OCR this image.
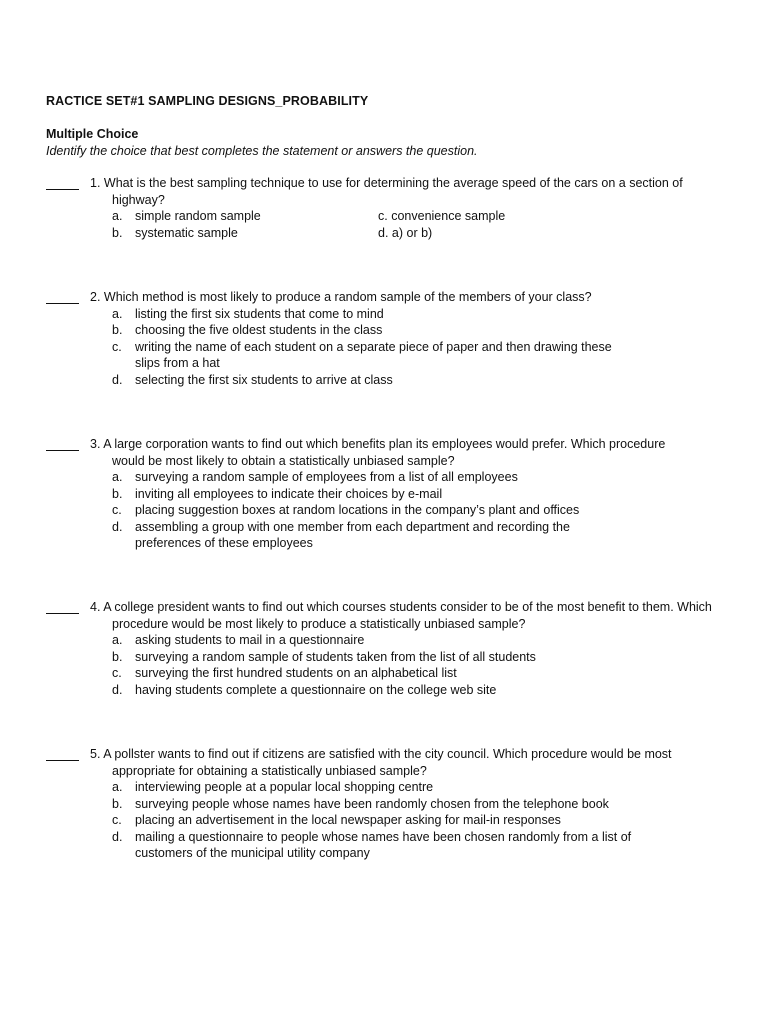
RACTICE SET#1 SAMPLING DESIGNS_PROBABILITY
Multiple Choice
Identify the choice that best completes the statement or answers the question.
1. What is the best sampling technique to use for determining the average speed of the cars on a section of highway?
a. simple random sample
b. systematic sample
c. convenience sample
d. a) or b)
2. Which method is most likely to produce a random sample of the members of your class?
a. listing the first six students that come to mind
b. choosing the five oldest students in the class
c. writing the name of each student on a separate piece of paper and then drawing these slips from a hat
d. selecting the first six students to arrive at class
3. A large corporation wants to find out which benefits plan its employees would prefer. Which procedure would be most likely to obtain a statistically unbiased sample?
a. surveying a random sample of employees from a list of all employees
b. inviting all employees to indicate their choices by e-mail
c. placing suggestion boxes at random locations in the company’s plant and offices
d. assembling a group with one member from each department and recording the preferences of these employees
4. A college president wants to find out which courses students consider to be of the most benefit to them. Which procedure would be most likely to produce a statistically unbiased sample?
a. asking students to mail in a questionnaire
b. surveying a random sample of students taken from the list of all students
c. surveying the first hundred students on an alphabetical list
d. having students complete a questionnaire on the college web site
5. A pollster wants to find out if citizens are satisfied with the city council. Which procedure would be most appropriate for obtaining a statistically unbiased sample?
a. interviewing people at a popular local shopping centre
b. surveying people whose names have been randomly chosen from the telephone book
c. placing an advertisement in the local newspaper asking for mail-in responses
d. mailing a questionnaire to people whose names have been chosen randomly from a list of customers of the municipal utility company
